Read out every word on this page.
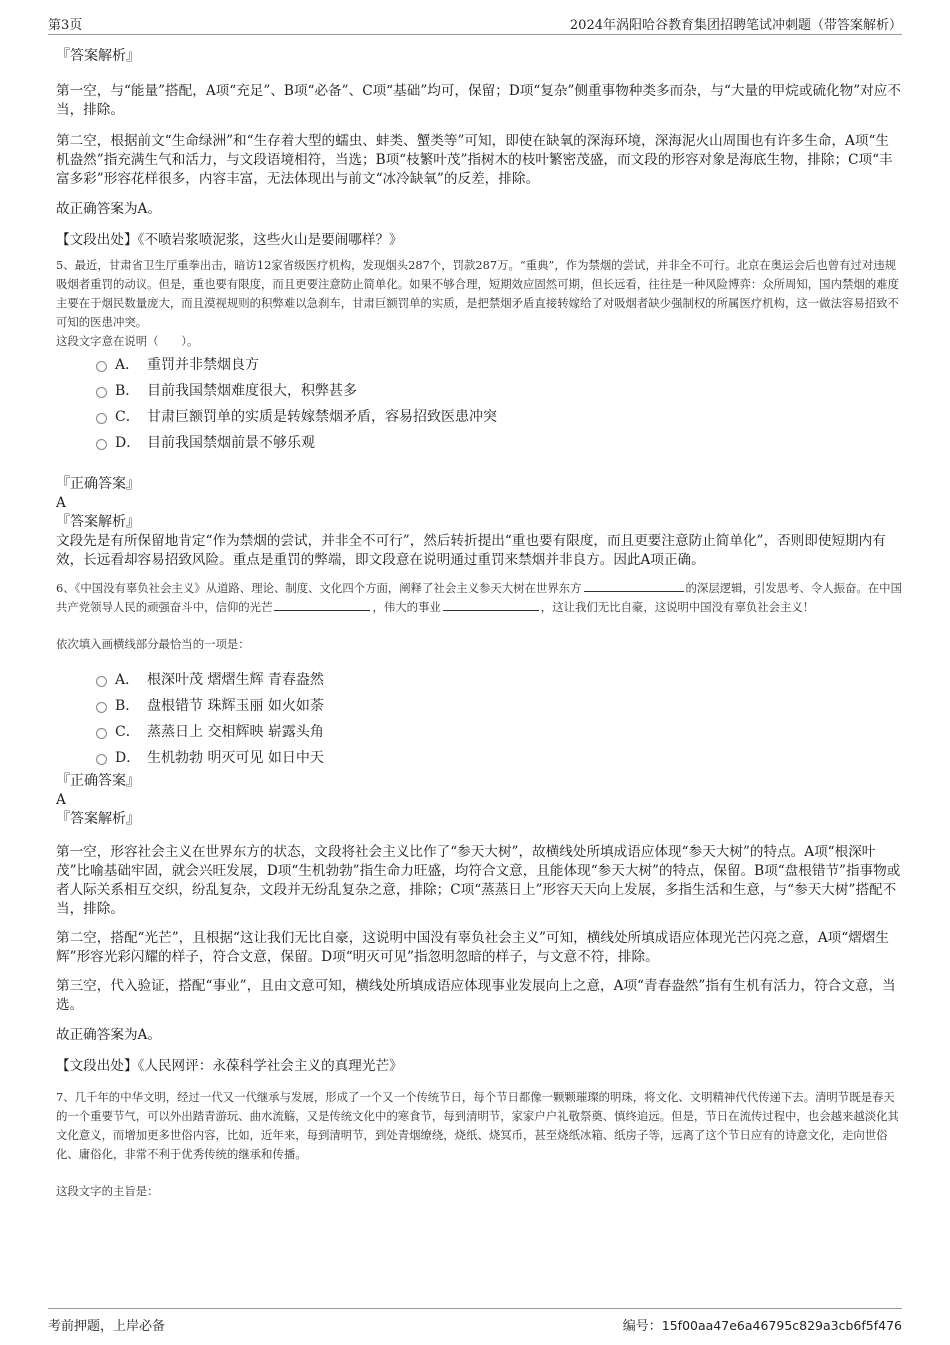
第3页	2024年涡阳哈谷教育集团招聘笔试冲刺题（带答案解析）

『答案解析』

第一空，与“能量”搭配，A项“充足”、B项“必备”、C项“基础”均可，保留；D项“复杂”侧重事物种类多而杂，与“大量的甲烷或硫化物”对应不当，排除。

第二空，根据前文“生命绿洲”和“生存着大型的蠕虫、蚌类、蟹类等”可知，即使在缺氧的深海环境，深海泥火山周围也有许多生命，A项“生机盎然”指充满生气和活力，与文段语境相符，当选；B项“枝繁叶茂”指树木的枝叶繁密茂盛，而文段的形容对象是海底生物，排除；C项“丰富多彩”形容花样很多，内容丰富，无法体现出与前文“冰冷缺氧”的反差，排除。

故正确答案为A。

【文段出处】《不喷岩浆喷泥浆，这些火山是要闹哪样？》

5、最近，甘肃省卫生厅重拳出击，暗访12家省级医疗机构，发现烟头287个，罚款287万。“重典”，作为禁烟的尝试，并非全不可行。北京在奥运会后也曾有过对违规吸烟者重罚的动议。但是，重也要有限度，而且更要注意防止简单化。如果不够合理，短期效应固然可期，但长远看，往往是一种风险博弈：众所周知，国内禁烟的难度主要在于烟民数量庞大，而且漠视规则的积弊难以急刹车，甘肃巨额罚单的实质，是把禁烟矛盾直接转嫁给了对吸烟者缺少强制权的所属医疗机构，这一做法容易招致不可知的医患冲突。

这段文字意在说明（　　）。

A． 重罚并非禁烟良方
B． 目前我国禁烟难度很大，积弊甚多
C． 甘肃巨额罚单的实质是转嫁禁烟矛盾，容易招致医患冲突
D． 目前我国禁烟前景不够乐观

『正确答案』

A

『答案解析』

文段先是有所保留地肯定“作为禁烟的尝试，并非全不可行”，然后转折提出“重也要有限度，而且更要注意防止简单化”，否则即使短期内有效，长远看却容易招致风险。重点是重罚的弊端，即文段意在说明通过重罚来禁烟并非良方。因此A项正确。

6、《中国没有辜负社会主义》从道路、理论、制度、文化四个方面，阐释了社会主义参天大树在世界东方	的深层逻辑，引发思考、令人振奋。在中国共产党领导人民的顽强奋斗中，信仰的光芒	，伟大的事业	，这让我们无比自豪，这说明中国没有辜负社会主义！

依次填入画横线部分最恰当的一项是：

A． 根深叶茂 熠熠生辉 青春盎然
B． 盘根错节 珠辉玉丽 如火如荼
C． 蒸蒸日上 交相辉映 崭露头角
D． 生机勃勃 明灭可见 如日中天

『正确答案』

A

『答案解析』

第一空，形容社会主义在世界东方的状态，文段将社会主义比作了“参天大树”，故横线处所填成语应体现“参天大树”的特点。A项“根深叶茂”比喻基础牢固，就会兴旺发展，D项“生机勃勃”指生命力旺盛，均符合文意，且能体现“参天大树”的特点，保留。B项“盘根错节”指事物或者人际关系相互交织，纷乱复杂，文段并无纷乱复杂之意，排除；C项“蒸蒸日上”形容天天向上发展，多指生活和生意，与“参天大树”搭配不当，排除。

第二空，搭配“光芒”，且根据“这让我们无比自豪，这说明中国没有辜负社会主义”可知，横线处所填成语应体现光芒闪亮之意，A项“熠熠生辉”形容光彩闪耀的样子，符合文意，保留。D项“明灭可见”指忽明忽暗的样子，与文意不符，排除。

第三空，代入验证，搭配“事业”，且由文意可知，横线处所填成语应体现事业发展向上之意，A项“青春盎然”指有生机有活力，符合文意，当选。

故正确答案为A。

【文段出处】《人民网评：永葆科学社会主义的真理光芒》

7、几千年的中华文明，经过一代又一代继承与发展，形成了一个又一个传统节日，每个节日都像一颗颗璀璨的明珠，将文化、文明精神代代传递下去。清明节既是春天的一个重要节气，可以外出踏青游玩、曲水流觞，又是传统文化中的寒食节，每到清明节，家家户户礼敬祭奠、慎终追远。但是，节日在流传过程中，也会越来越淡化其文化意义，而增加更多世俗内容，比如，近年来，每到清明节，到处青烟缭绕，烧纸、烧冥币，甚至烧纸冰箱、纸房子等，远离了这个节日应有的诗意文化，走向世俗化、庸俗化，非常不利于优秀传统的继承和传播。

这段文字的主旨是：

考前押题，上岸必备	编号：15f00aa47e6a46795c829a3cb6f5f476
